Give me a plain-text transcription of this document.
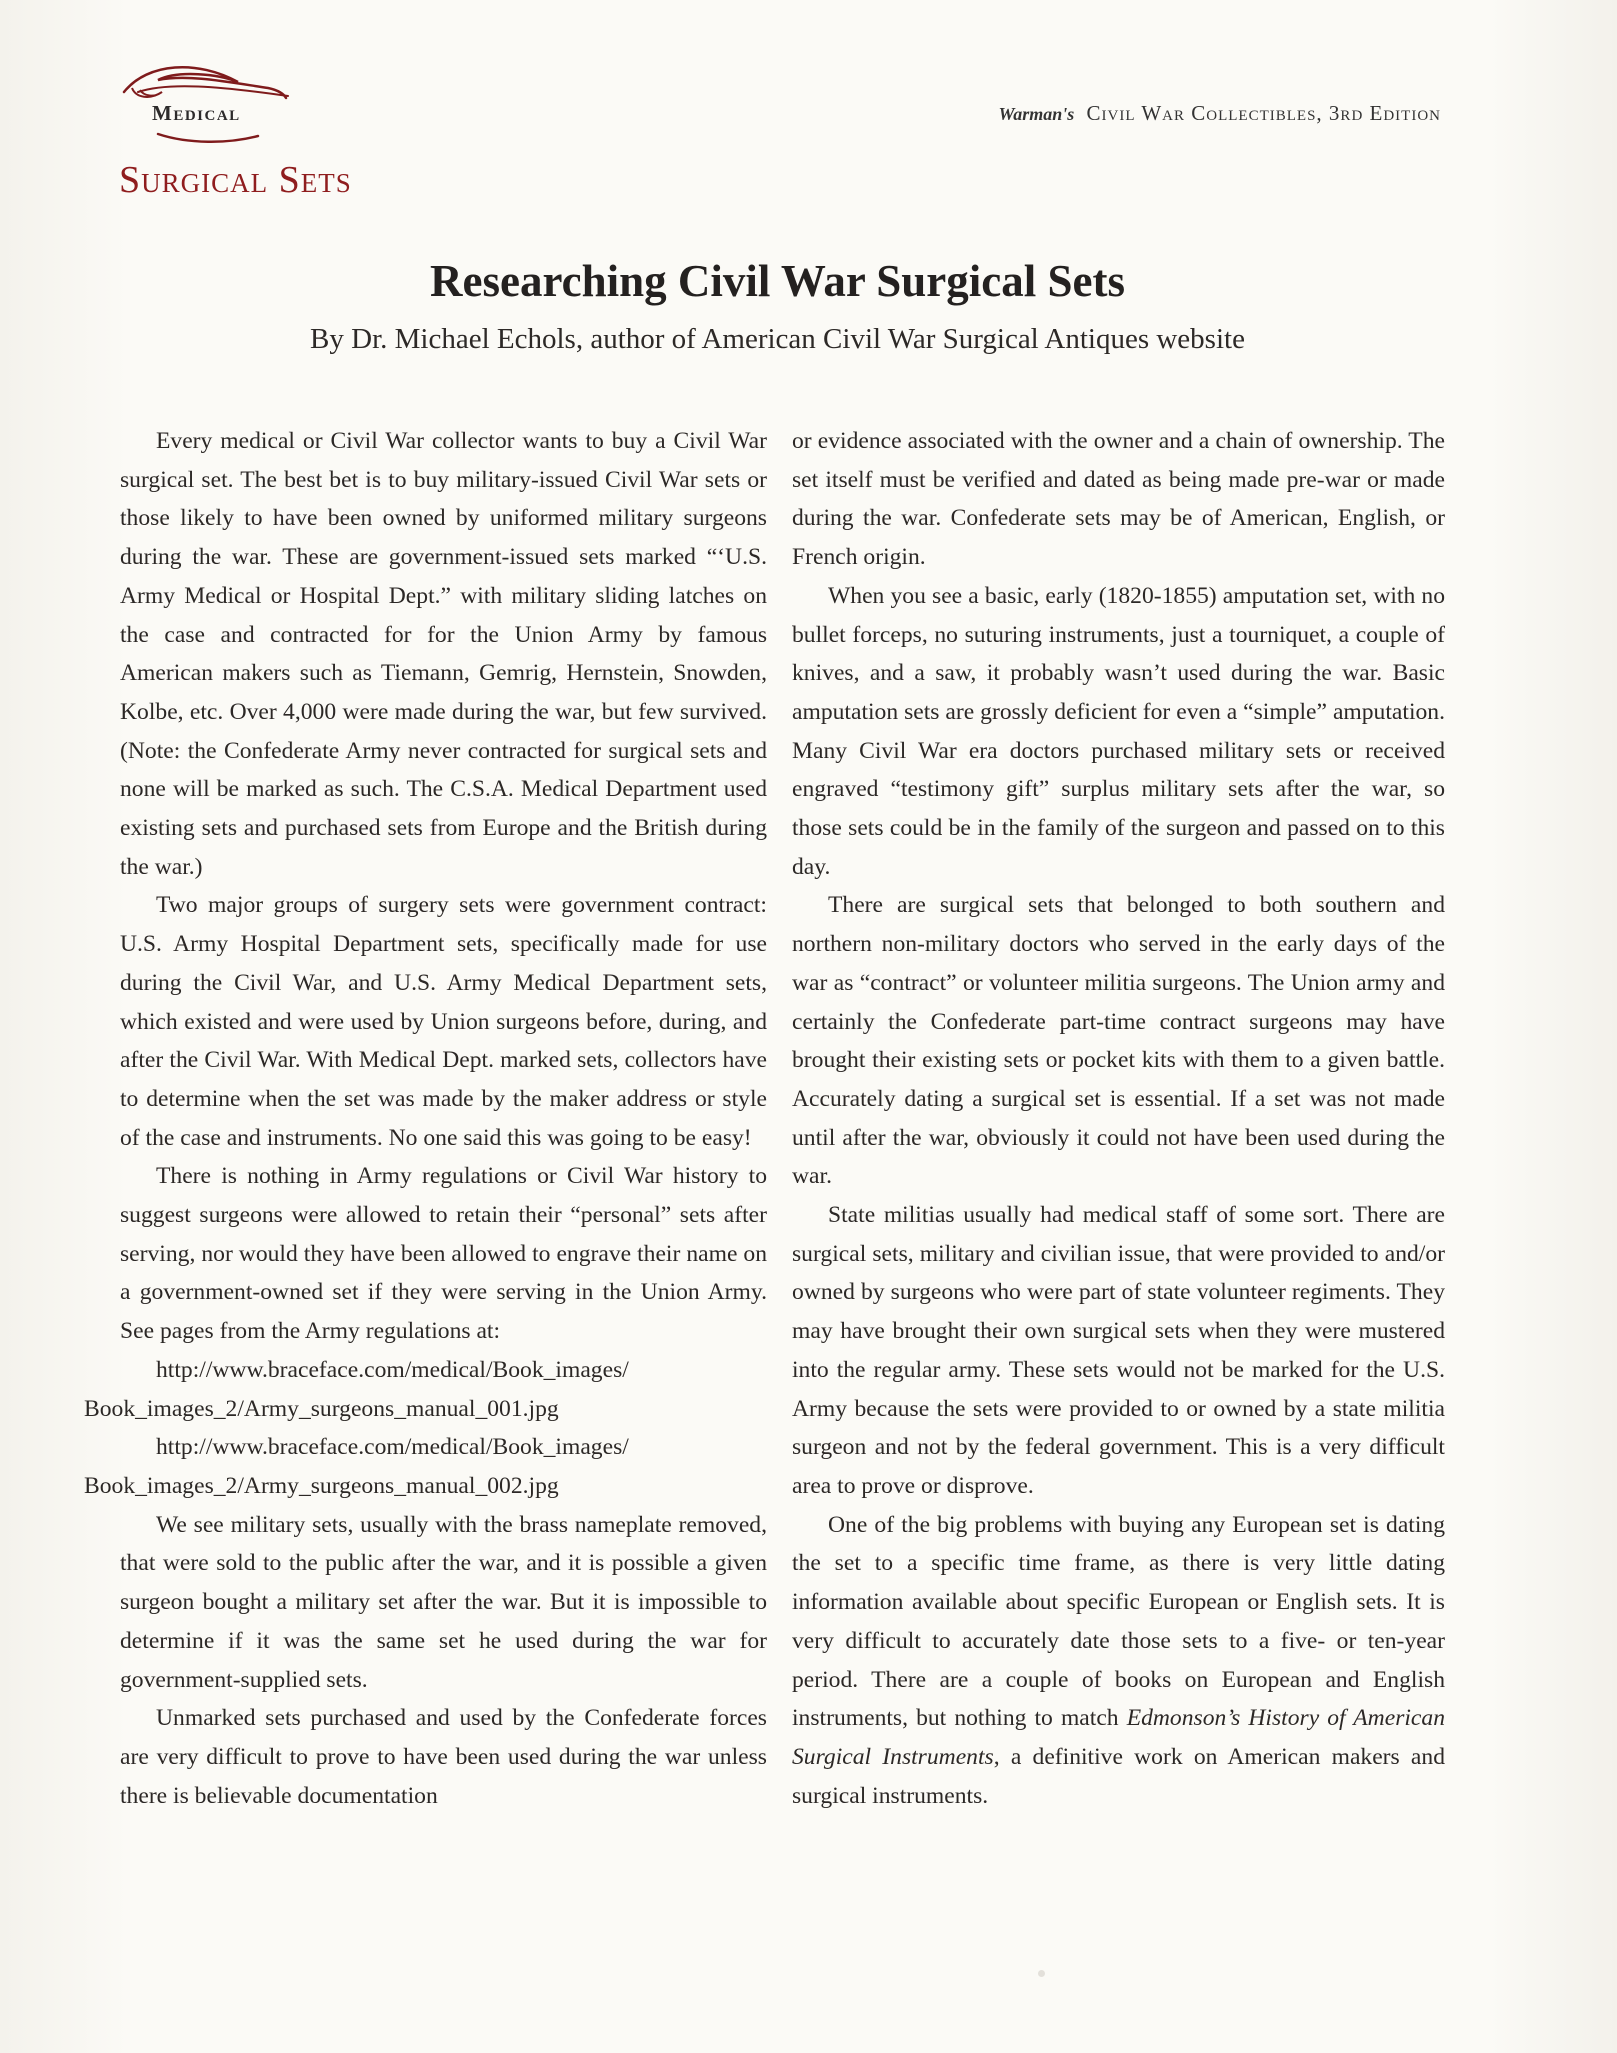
Medical
Surgical Sets
Warman's Civil War Collectibles, 3rd Edition
Researching Civil War Surgical Sets
By Dr. Michael Echols, author of American Civil War Surgical Antiques website

Every medical or Civil War collector wants to buy a Civil War surgical set. The best bet is to buy military-issued Civil War sets or those likely to have been owned by uniformed military surgeons during the war. These are government-issued sets marked “‘U.S. Army Medical or Hospital Dept.” with military sliding latches on the case and contracted for for the Union Army by famous American makers such as Tiemann, Gemrig, Hernstein, Snowden, Kolbe, etc. Over 4,000 were made during the war, but few survived. (Note: the Confederate Army never contracted for surgical sets and none will be marked as such. The C.S.A. Medical Department used existing sets and purchased sets from Europe and the British during the war.)

Two major groups of surgery sets were government contract: U.S. Army Hospital Department sets, specifically made for use during the Civil War, and U.S. Army Medical Department sets, which existed and were used by Union surgeons before, during, and after the Civil War. With Medical Dept. marked sets, collectors have to determine when the set was made by the maker address or style of the case and instruments. No one said this was going to be easy!

There is nothing in Army regulations or Civil War history to suggest surgeons were allowed to retain their “personal” sets after serving, nor would they have been allowed to engrave their name on a government-owned set if they were serving in the Union Army. See pages from the Army regulations at:

http://www.braceface.com/medical/Book_images/
Book_images_2/Army_surgeons_manual_001.jpg

http://www.braceface.com/medical/Book_images/
Book_images_2/Army_surgeons_manual_002.jpg

We see military sets, usually with the brass nameplate removed, that were sold to the public after the war, and it is possible a given surgeon bought a military set after the war. But it is impossible to determine if it was the same set he used during the war for government-supplied sets.

Unmarked sets purchased and used by the Confederate forces are very difficult to prove to have been used during the war unless there is believable documentation

or evidence associated with the owner and a chain of ownership. The set itself must be verified and dated as being made pre-war or made during the war. Confederate sets may be of American, English, or French origin.

When you see a basic, early (1820-1855) amputation set, with no bullet forceps, no suturing instruments, just a tourniquet, a couple of knives, and a saw, it probably wasn’t used during the war. Basic amputation sets are grossly deficient for even a “simple” amputation. Many Civil War era doctors purchased military sets or received engraved “testimony gift” surplus military sets after the war, so those sets could be in the family of the surgeon and passed on to this day.

There are surgical sets that belonged to both southern and northern non-military doctors who served in the early days of the war as “contract” or volunteer militia surgeons. The Union army and certainly the Confederate part-time contract surgeons may have brought their existing sets or pocket kits with them to a given battle. Accurately dating a surgical set is essential. If a set was not made until after the war, obviously it could not have been used during the war.

State militias usually had medical staff of some sort. There are surgical sets, military and civilian issue, that were provided to and/or owned by surgeons who were part of state volunteer regiments. They may have brought their own surgical sets when they were mustered into the regular army. These sets would not be marked for the U.S. Army because the sets were provided to or owned by a state militia surgeon and not by the federal government. This is a very difficult area to prove or disprove.

One of the big problems with buying any European set is dating the set to a specific time frame, as there is very little dating information available about specific European or English sets. It is very difficult to accurately date those sets to a five- or ten-year period. There are a couple of books on European and English instruments, but nothing to match Edmonson’s History of American Surgical Instruments, a definitive work on American makers and surgical instruments.
